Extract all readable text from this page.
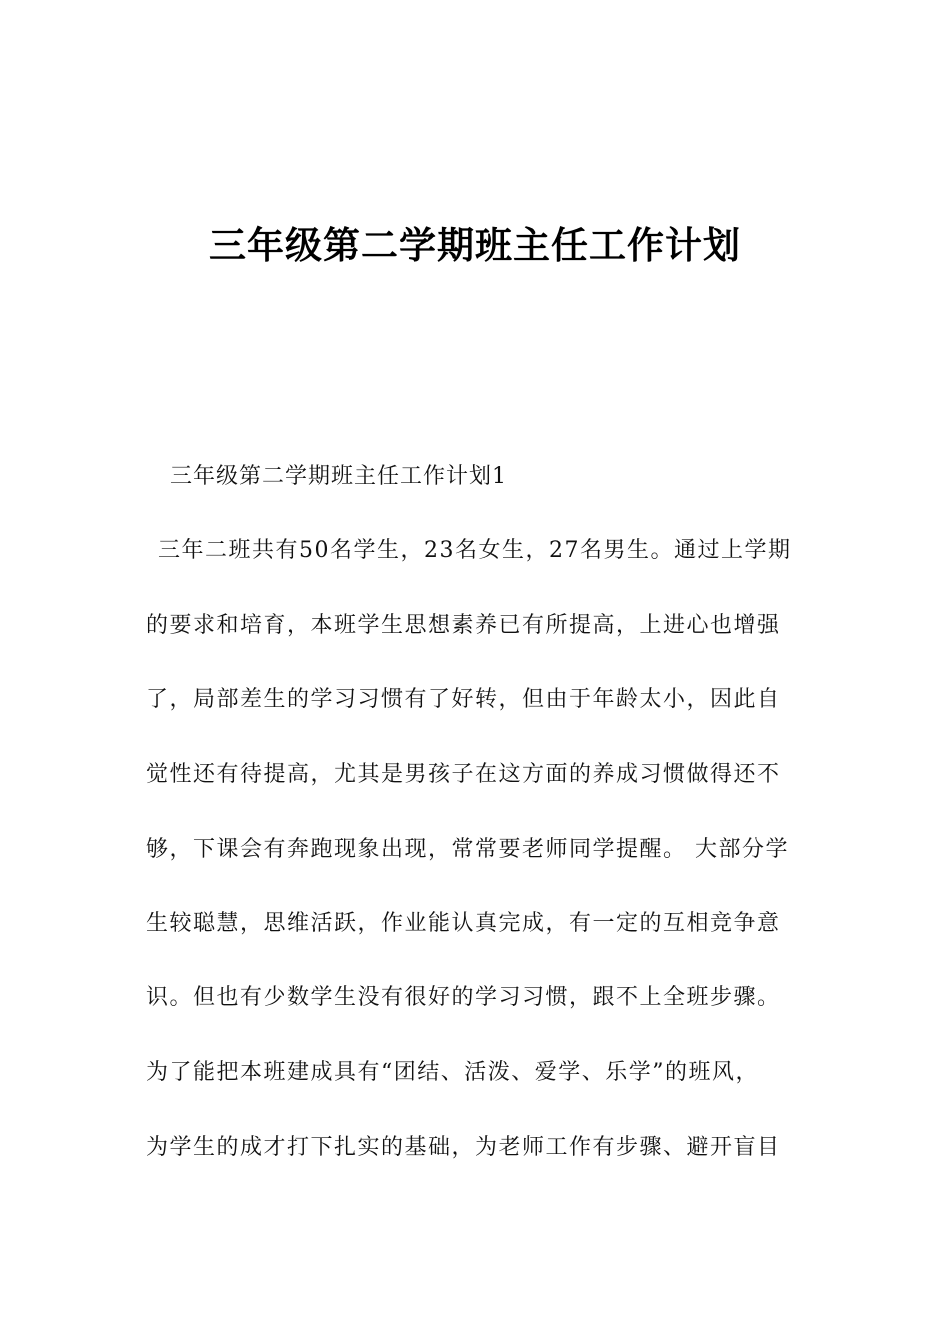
三年级第二学期班主任工作计划
三年级第二学期班主任工作计划1
三年二班共有50名学生，23名女生，27名男生。通过上学期
的要求和培育，本班学生思想素养已有所提高，上进心也增强
了，局部差生的学习习惯有了好转，但由于年龄太小，因此自
觉性还有待提高，尤其是男孩子在这方面的养成习惯做得还不
够，下课会有奔跑现象出现，常常要老师同学提醒。 大部分学
生较聪慧，思维活跃，作业能认真完成，有一定的互相竞争意
识。但也有少数学生没有很好的学习习惯，跟不上全班步骤。
为了能把本班建成具有“团结、活泼、爱学、乐学”的班风，
为学生的成才打下扎实的基础，为老师工作有步骤、避开盲目
